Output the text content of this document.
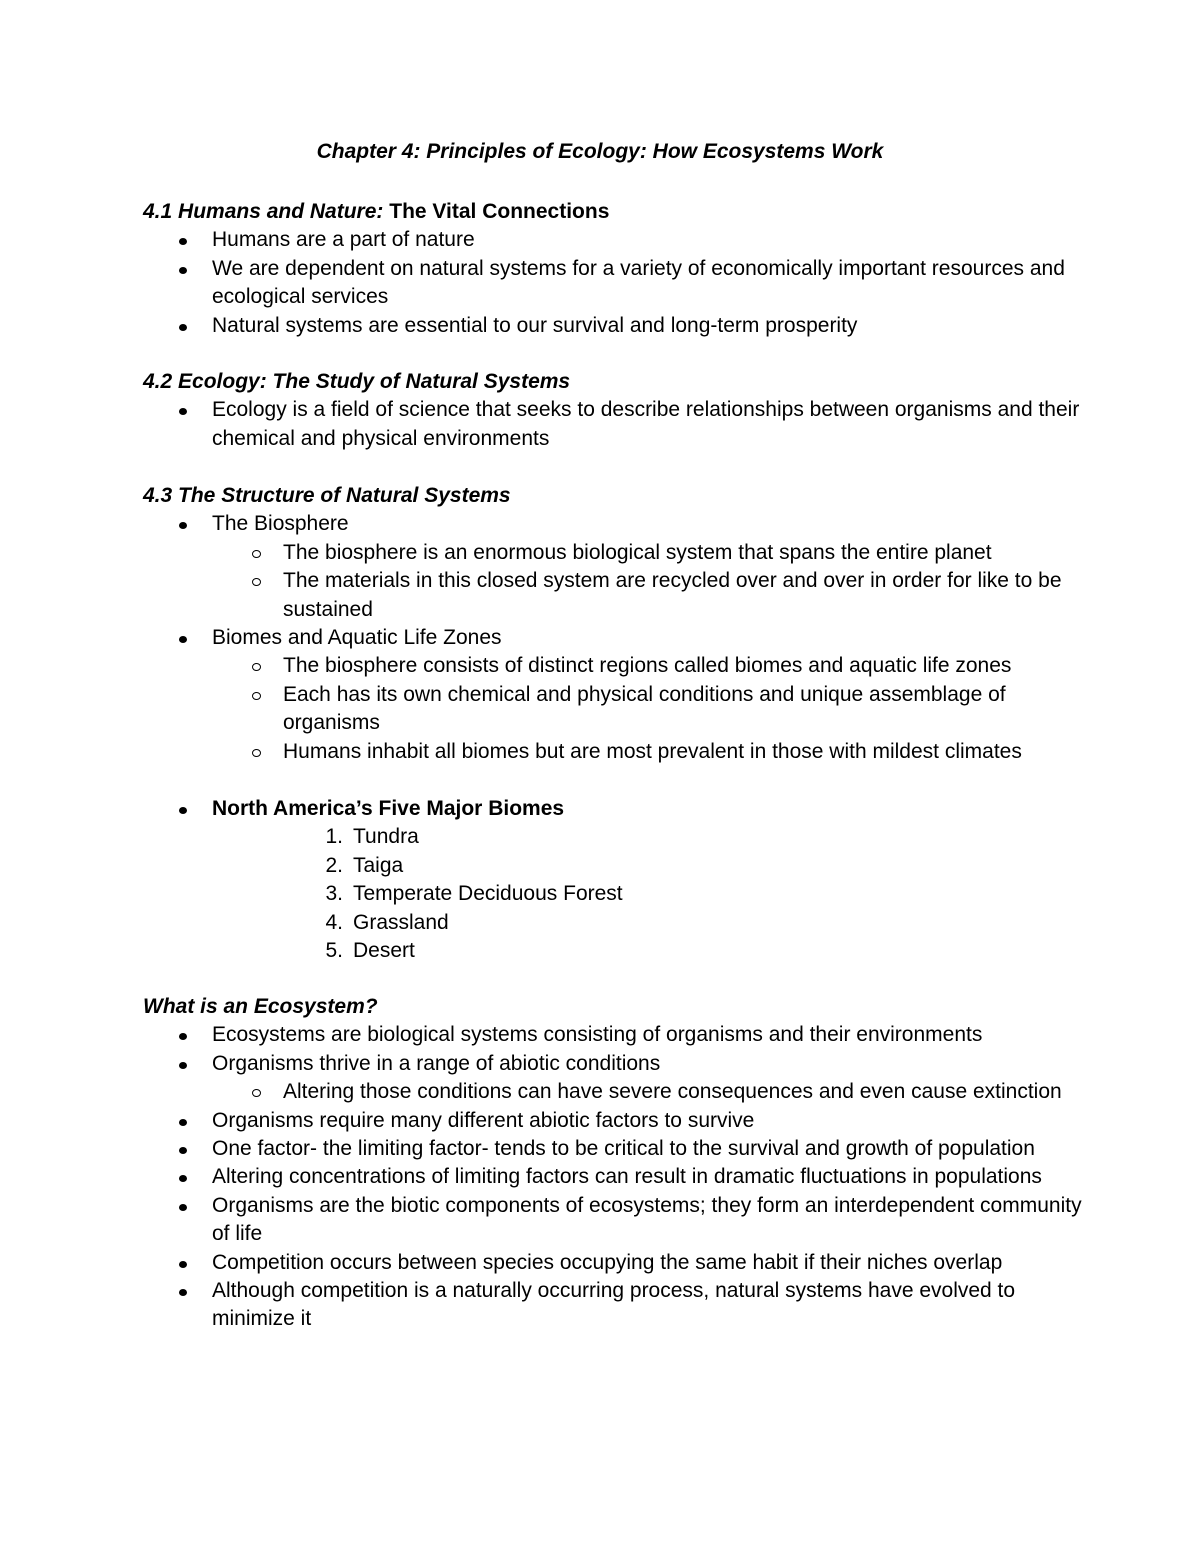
Chapter 4: Principles of Ecology: How Ecosystems Work
4.1 Humans and Nature: The Vital Connections
Humans are a part of nature
We are dependent on natural systems for a variety of economically important resources and ecological services
Natural systems are essential to our survival and long-term prosperity
4.2 Ecology: The Study of Natural Systems
Ecology is a field of science that seeks to describe relationships between organisms and their chemical and physical environments
4.3 The Structure of Natural Systems
The Biosphere
The biosphere is an enormous biological system that spans the entire planet
The materials in this closed system are recycled over and over in order for like to be sustained
Biomes and Aquatic Life Zones
The biosphere consists of distinct regions called biomes and aquatic life zones
Each has its own chemical and physical conditions and unique assemblage of organisms
Humans inhabit all biomes but are most prevalent in those with mildest climates
North America’s Five Major Biomes
1. Tundra
2. Taiga
3. Temperate Deciduous Forest
4. Grassland
5. Desert
What is an Ecosystem?
Ecosystems are biological systems consisting of organisms and their environments
Organisms thrive in a range of abiotic conditions
Altering those conditions can have severe consequences and even cause extinction
Organisms require many different abiotic factors to survive
One factor- the limiting factor- tends to be critical to the survival and growth of population
Altering concentrations of limiting factors can result in dramatic fluctuations in populations
Organisms are the biotic components of ecosystems; they form an interdependent community of life
Competition occurs between species occupying the same habit if their niches overlap
Although competition is a naturally occurring process, natural systems have evolved to minimize it
